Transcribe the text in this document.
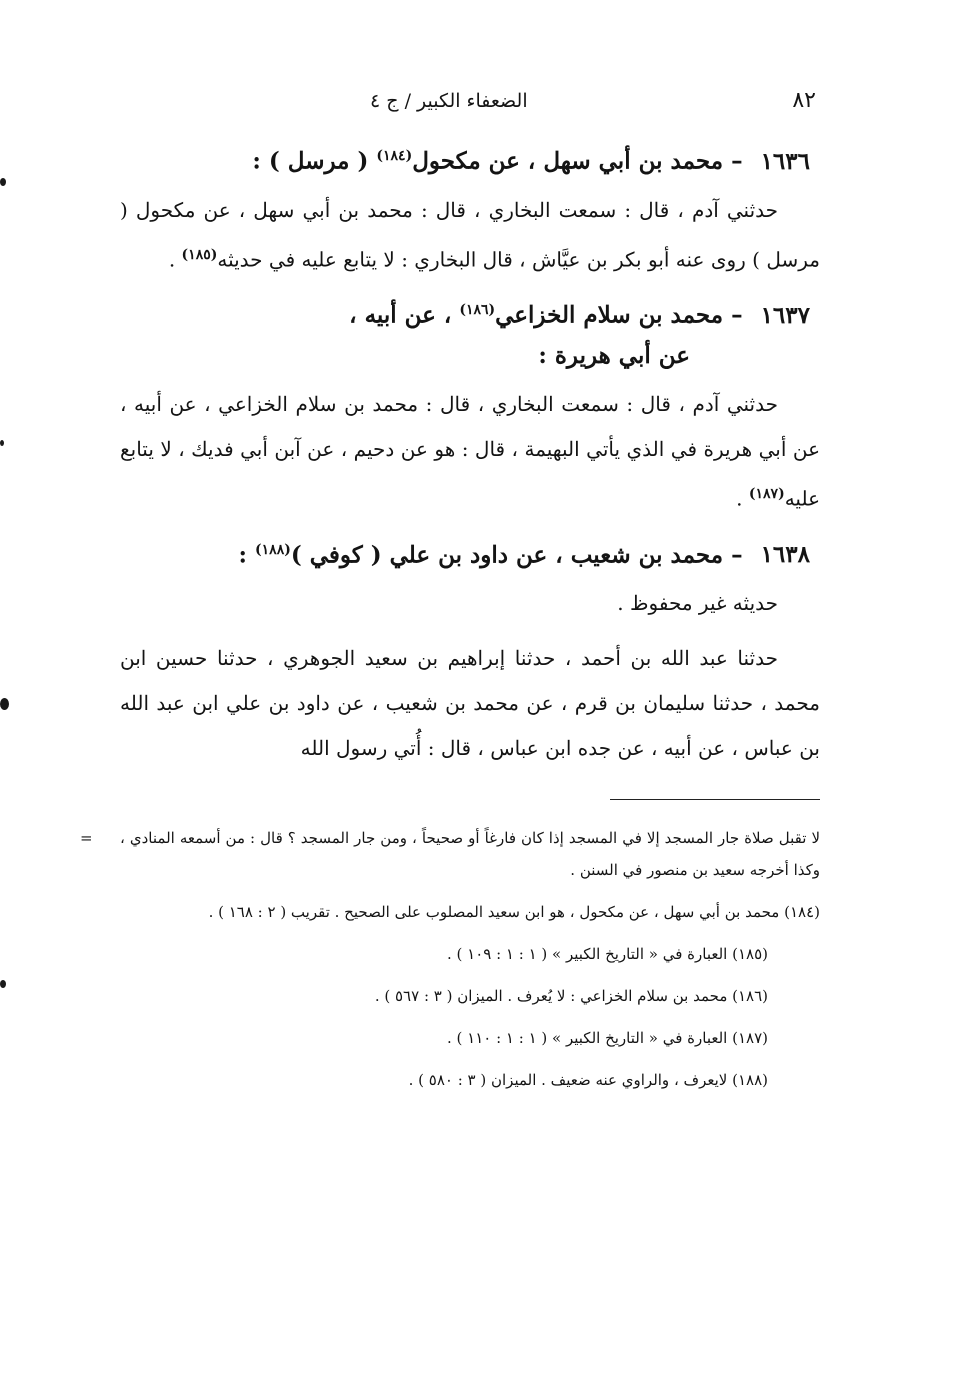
٨٢
الضعفاء الكبير / ج ٤
١٦٣٦– محمد بن أبي سهل ، عن مكحول$^{(١٨٤)}$ ( مرسل ) :

حدثني آدم ، قال : سمعت البخاري ، قال : محمد بن أبي سهل ، عن مكحول ( مرسل ) روى عنه أبو بكر بن عيَّاش ، قال البخاري : لا يتابع عليه في حديثه$^{(١٨٥)}$ .

١٦٣٧– محمد بن سلام الخزاعي$^{(١٨٦)}$ ، عن أبيه ،
عن أبي هريرة :

حدثني آدم ، قال : سمعت البخاري ، قال : محمد بن سلام الخزاعي ، عن أبيه ، عن أبي هريرة في الذي يأتي البهيمة ، قال : هو عن دحيم ، عن آبن أبي فديك ، لا يتابع عليه$^{(١٨٧)}$ .

١٦٣٨– محمد بن شعيب ، عن داود بن علي ( كوفي )$^{(١٨٨)}$ :

حديثه غير محفوظ .

حدثنا عبد الله بن أحمد ، حدثنا إبراهيم بن سعيد الجوهري ، حدثنا حسين ابن محمد ، حدثنا سليمان بن قرم ، عن محمد بن شعيب ، عن داود بن علي ابن عبد الله بن عباس ، عن أبيه ، عن جده ابن عباس ، قال : أُتي رسول الله

= لا تقبل صلاة جار المسجد إلا في المسجد إذا كان فارغاً أو صحيحاً ، ومن جار المسجد ؟ قال : من أسمعه المنادي ، وكذا أخرجه سعيد بن منصور في السنن .

(١٨٤) محمد بن أبي سهل ، عن مكحول ، هو ابن سعيد المصلوب على الصحيح . تقريب ( ٢ : ١٦٨ ) .

(١٨٥) العبارة في « التاريخ الكبير » ( ١ : ١ : ١٠٩ ) .

(١٨٦) محمد بن سلام الخزاعي : لا يُعرف . الميزان ( ٣ : ٥٦٧ ) .

(١٨٧) العبارة في « التاريخ الكبير » ( ١ : ١ : ١١٠ ) .

(١٨٨) لايعرف ، والراوي عنه ضعيف . الميزان ( ٣ : ٥٨٠ ) .
